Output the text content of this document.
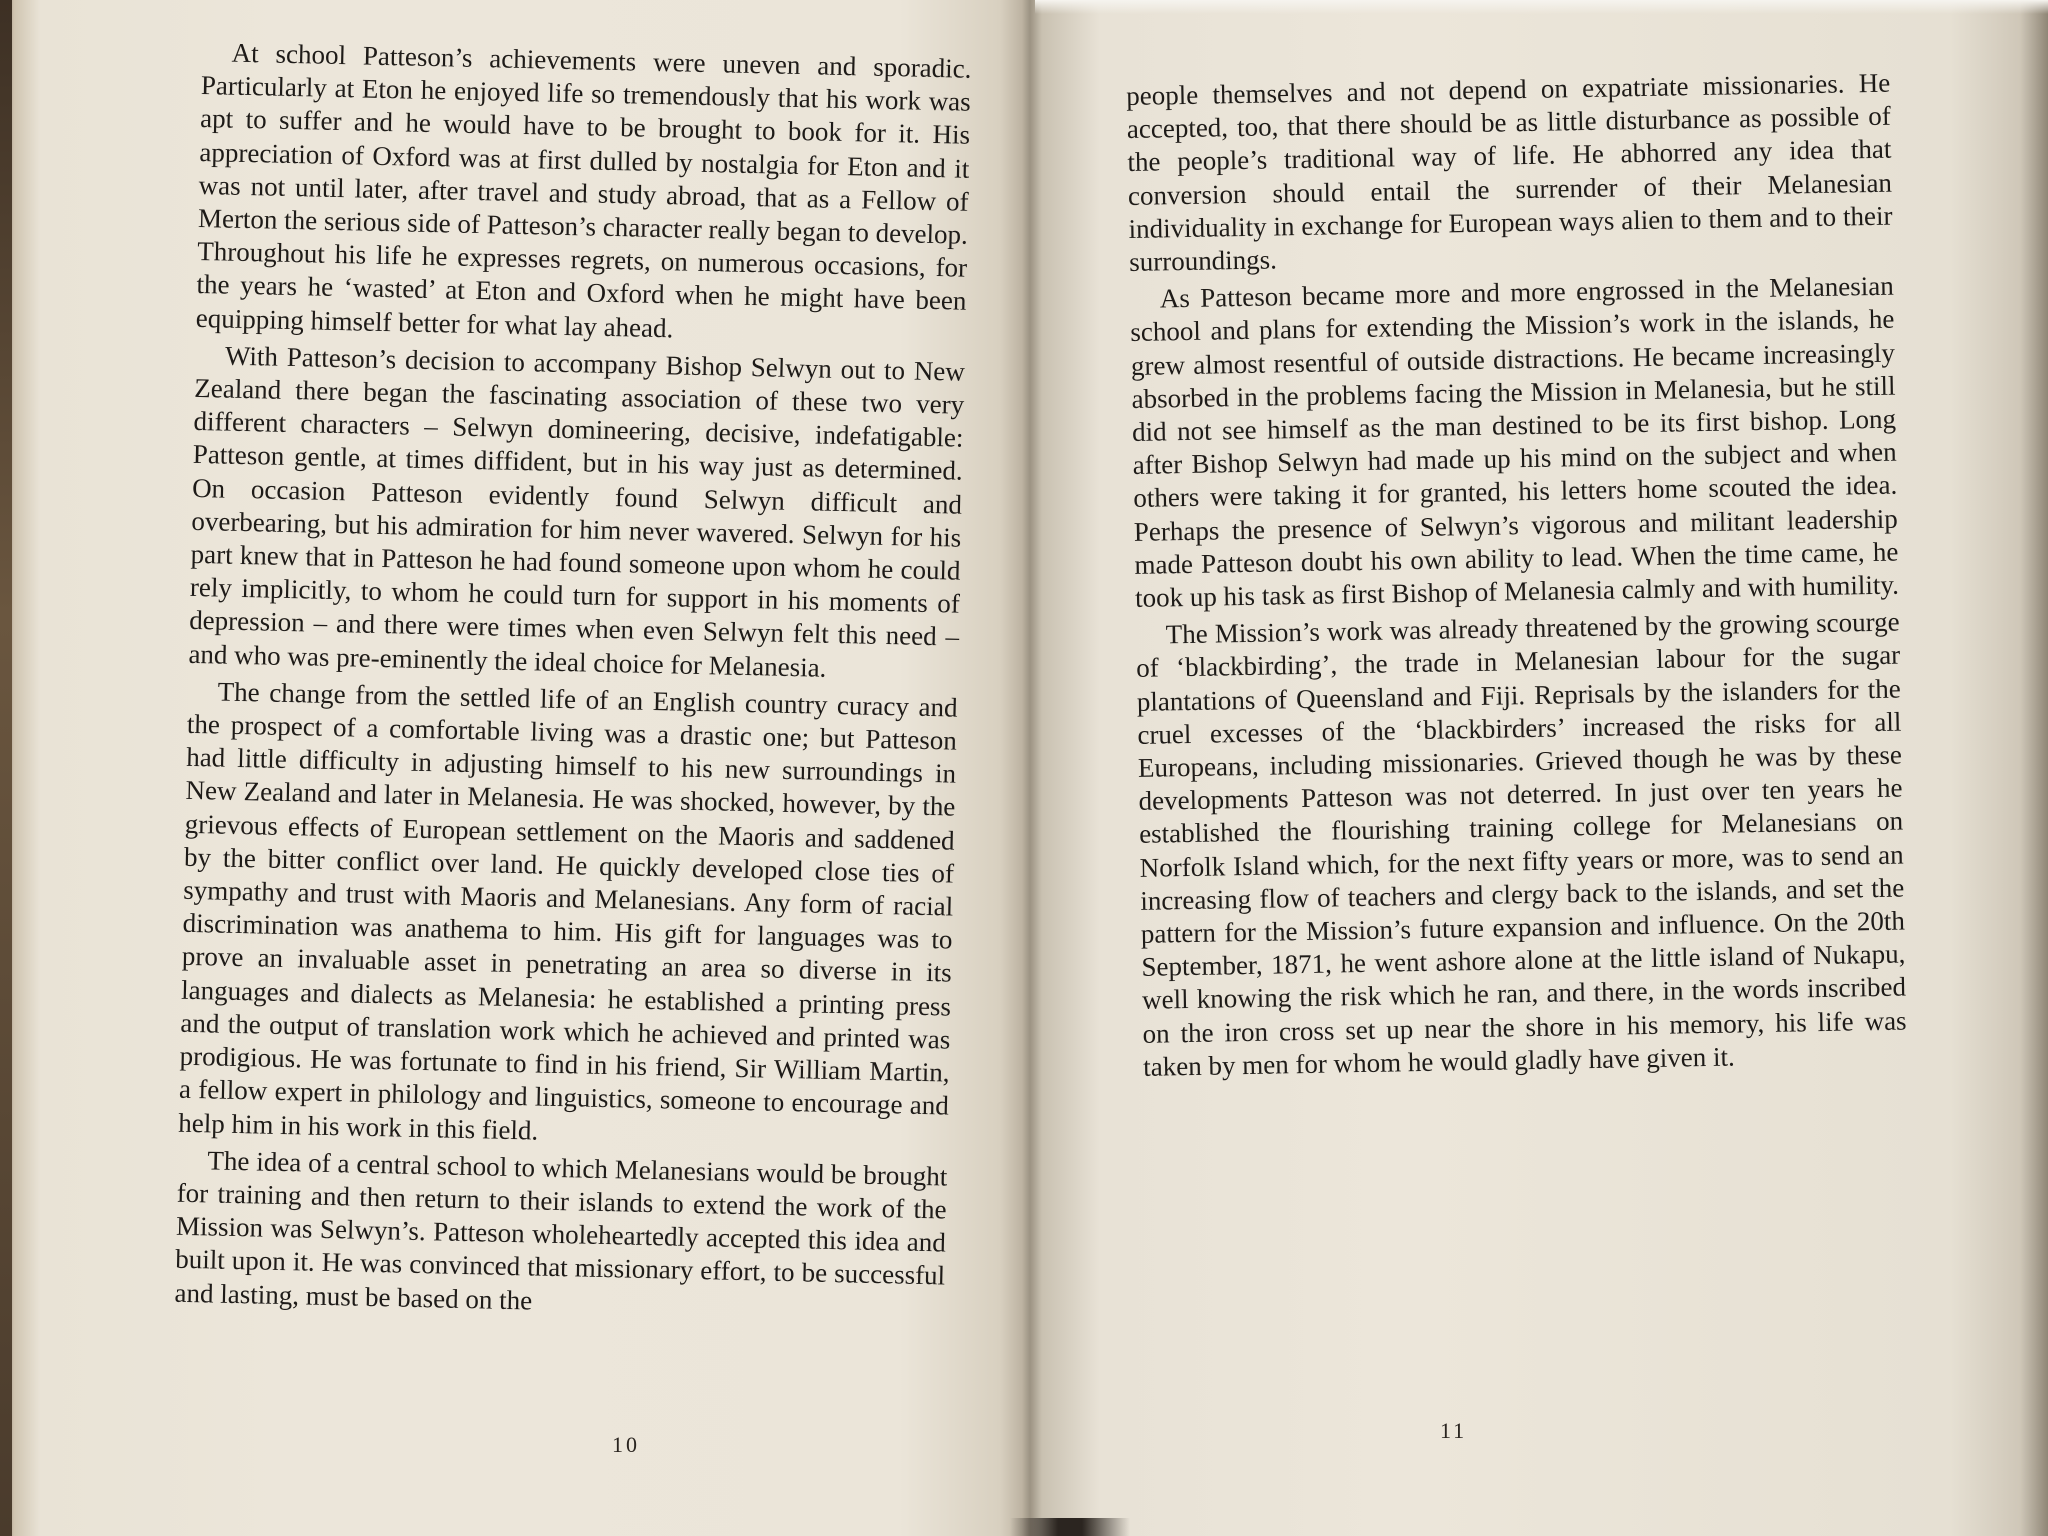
At school Patteson’s achievements were uneven and sporadic. Particularly at Eton he enjoyed life so tremendously that his work was apt to suffer and he would have to be brought to book for it. His appreciation of Oxford was at first dulled by nostalgia for Eton and it was not until later, after travel and study abroad, that as a Fellow of Merton the serious side of Patteson’s character really began to develop. Throughout his life he expresses regrets, on numerous occasions, for the years he ‘wasted’ at Eton and Oxford when he might have been equipping himself better for what lay ahead.

With Patteson’s decision to accompany Bishop Selwyn out to New Zealand there began the fascinating association of these two very different characters – Selwyn domineering, decisive, indefatigable: Patteson gentle, at times diffident, but in his way just as determined. On occasion Patteson evidently found Selwyn difficult and overbearing, but his admiration for him never wavered. Selwyn for his part knew that in Patteson he had found someone upon whom he could rely implicitly, to whom he could turn for support in his moments of depression – and there were times when even Selwyn felt this need – and who was pre-eminently the ideal choice for Melanesia.

The change from the settled life of an English country curacy and the prospect of a comfortable living was a drastic one; but Patteson had little difficulty in adjusting himself to his new surroundings in New Zealand and later in Melanesia. He was shocked, however, by the grievous effects of European settlement on the Maoris and saddened by the bitter conflict over land. He quickly developed close ties of sympathy and trust with Maoris and Melanesians. Any form of racial discrimination was anathema to him. His gift for languages was to prove an invaluable asset in penetrating an area so diverse in its languages and dialects as Melanesia: he established a printing press and the output of translation work which he achieved and printed was prodigious. He was fortunate to find in his friend, Sir William Martin, a fellow expert in philology and linguistics, someone to encourage and help him in his work in this field.

The idea of a central school to which Melanesians would be brought for training and then return to their islands to extend the work of the Mission was Selwyn’s. Patteson wholeheartedly accepted this idea and built upon it. He was convinced that missionary effort, to be successful and lasting, must be based on the

10

people themselves and not depend on expatriate missionaries. He accepted, too, that there should be as little disturbance as possible of the people’s traditional way of life. He abhorred any idea that conversion should entail the surrender of their Melanesian individuality in exchange for European ways alien to them and to their surroundings.

As Patteson became more and more engrossed in the Melanesian school and plans for extending the Mission’s work in the islands, he grew almost resentful of outside distractions. He became increasingly absorbed in the problems facing the Mission in Melanesia, but he still did not see himself as the man destined to be its first bishop. Long after Bishop Selwyn had made up his mind on the subject and when others were taking it for granted, his letters home scouted the idea. Perhaps the presence of Selwyn’s vigorous and militant leadership made Patteson doubt his own ability to lead. When the time came, he took up his task as first Bishop of Melanesia calmly and with humility.

The Mission’s work was already threatened by the growing scourge of ‘blackbirding’, the trade in Melanesian labour for the sugar plantations of Queensland and Fiji. Reprisals by the islanders for the cruel excesses of the ‘blackbirders’ increased the risks for all Europeans, including missionaries. Grieved though he was by these developments Patteson was not deterred. In just over ten years he established the flourishing training college for Melanesians on Norfolk Island which, for the next fifty years or more, was to send an increasing flow of teachers and clergy back to the islands, and set the pattern for the Mission’s future expansion and influence. On the 20th September, 1871, he went ashore alone at the little island of Nukapu, well knowing the risk which he ran, and there, in the words inscribed on the iron cross set up near the shore in his memory, his life was taken by men for whom he would gladly have given it.

11
